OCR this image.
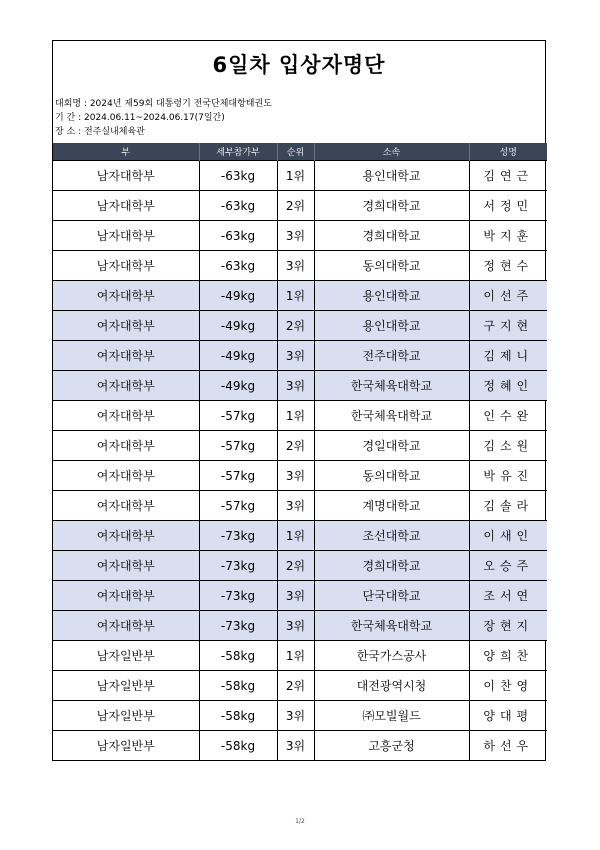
6일차 입상자명단
대회명 : 2024년 제59회 대통령기 전국단체대항태권도
기 간 : 2024.06.11~2024.06.17(7일간)
장 소 : 전주실내체육관
부	세부참가부	순위	소속	성명
남자대학부	-63kg	1위	용인대학교	김연근
남자대학부	-63kg	2위	경희대학교	서정민
남자대학부	-63kg	3위	경희대학교	박지훈
남자대학부	-63kg	3위	동의대학교	정현수
여자대학부	-49kg	1위	용인대학교	이선주
여자대학부	-49kg	2위	용인대학교	구지현
여자대학부	-49kg	3위	전주대학교	김제니
여자대학부	-49kg	3위	한국체육대학교	정혜인
여자대학부	-57kg	1위	한국체육대학교	인수완
여자대학부	-57kg	2위	경일대학교	김소원
여자대학부	-57kg	3위	동의대학교	박유진
여자대학부	-57kg	3위	계명대학교	김솔라
여자대학부	-73kg	1위	조선대학교	이새인
여자대학부	-73kg	2위	경희대학교	오승주
여자대학부	-73kg	3위	단국대학교	조서연
여자대학부	-73kg	3위	한국체육대학교	장현지
남자일반부	-58kg	1위	한국가스공사	양희찬
남자일반부	-58kg	2위	대전광역시청	이찬영
남자일반부	-58kg	3위	㈜모빌월드	양대평
남자일반부	-58kg	3위	고흥군청	하선우
1/2
